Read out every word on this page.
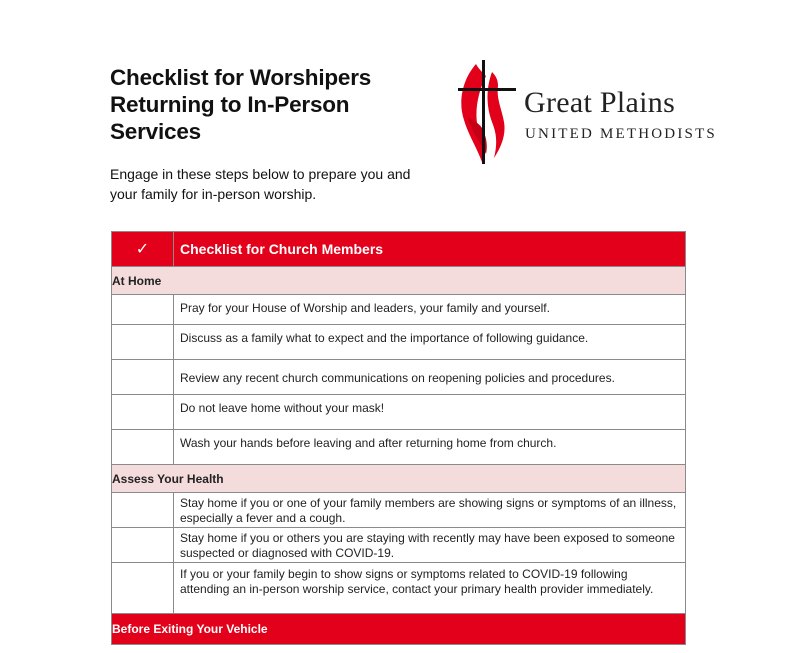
Checklist for Worshipers
Returning to In-Person
Services
Engage in these steps below to prepare you and
your family for in-person worship.
Great Plains
UNITED METHODISTS
✓	Checklist for Church Members
At Home	
	Pray for your House of Worship and leaders, your family and yourself.
	Discuss as a family what to expect and the importance of following guidance.
	Review any recent church communications on reopening policies and procedures.
	Do not leave home without your mask!
	Wash your hands before leaving and after returning home from church.
Assess Your Health	
	Stay home if you or one of your family members are showing signs or symptoms of an illness, especially a fever and a cough.
	Stay home if you or others you are staying with recently may have been exposed to someone suspected or diagnosed with COVID-19.
	If you or your family begin to show signs or symptoms related to COVID-19 following attending an in-person worship service, contact your primary health provider immediately.
Before Exiting Your Vehicle	
